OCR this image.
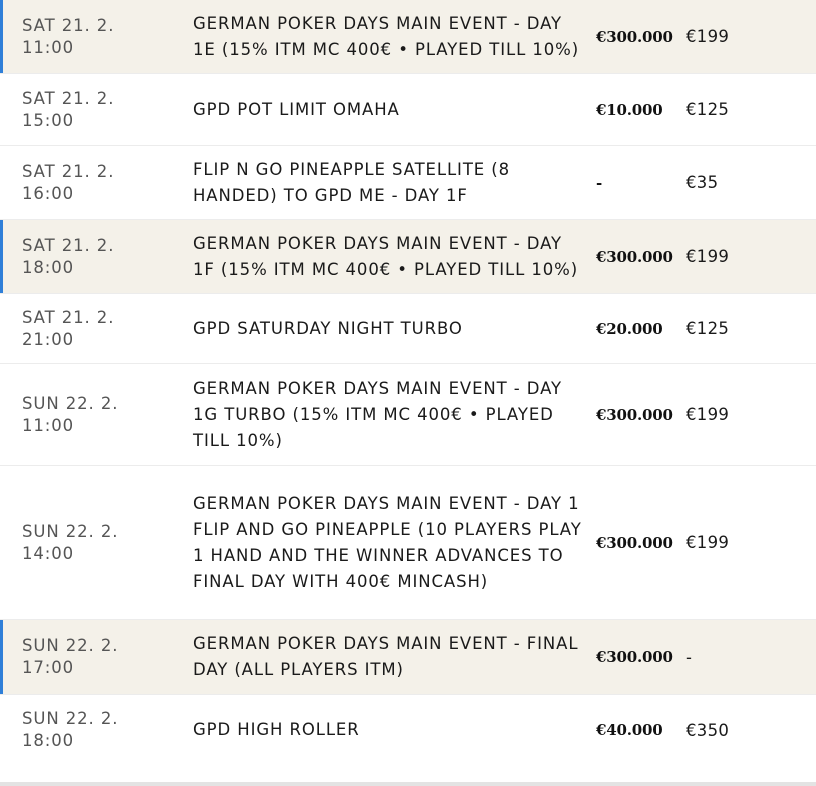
SAT 21. 2.
11:00
GERMAN POKER DAYS MAIN EVENT - DAY 1E (15% ITM MC 400€ • PLAYED TILL 10%)
€300.000 €199
SAT 21. 2.
15:00
GPD POT LIMIT OMAHA	€10.000	€125
SAT 21. 2.
16:00
FLIP N GO PINEAPPLE SATELLITE (8 HANDED) TO GPD ME - DAY 1F
-	€35
SAT 21. 2.
18:00
GERMAN POKER DAYS MAIN EVENT - DAY 1F (15% ITM MC 400€ • PLAYED TILL 10%)
€300.000 €199
SAT 21. 2.
21:00
GPD SATURDAY NIGHT TURBO	€20.000	€125
SUN 22. 2.
11:00
GERMAN POKER DAYS MAIN EVENT - DAY 1G TURBO (15% ITM MC 400€ • PLAYED TILL 10%)
€300.000 €199
SUN 22. 2.
14:00
GERMAN POKER DAYS MAIN EVENT - DAY 1 FLIP AND GO PINEAPPLE (10 PLAYERS PLAY 1 HAND AND THE WINNER ADVANCES TO FINAL DAY WITH 400€ MINCASH)
€300.000 €199
SUN 22. 2.
17:00
GERMAN POKER DAYS MAIN EVENT - FINAL DAY (ALL PLAYERS ITM)
€300.000 -
SUN 22. 2.
18:00
GPD HIGH ROLLER	€40.000	€350
